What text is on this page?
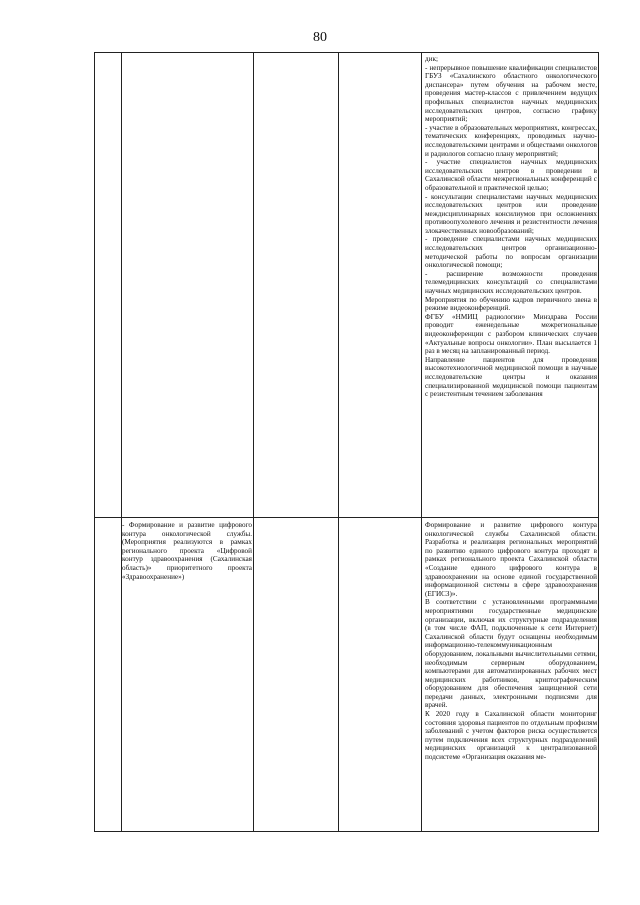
80

дик;

- непрерывное повышение квалификации специалистов ГБУЗ «Сахалинского областного онкологического диспансера» путем обучения на рабочем месте, проведения мастер-классов с привлечением ведущих профильных специалистов научных медицинских исследовательских центров, согласно графику мероприятий;

- участие в образовательных мероприятиях, конгрессах, тематических конференциях, проводимых научно-исследовательскими центрами и обществами онкологов и радиологов согласно плану мероприятий;

- участие специалистов научных медицинских исследовательских центров в проведении в Сахалинской области межрегиональных конференций с образовательной и практической целью;

- консультации специалистами научных медицинских исследовательских центров или проведение междисциплинарных консилиумов при осложнениях противоопухолевого лечения и резистентности лечения злокачественных новообразований;

- проведение специалистами научных медицинских исследовательских центров организационно-методической работы по вопросам организации онкологической помощи;

- расширение возможности проведения телемедицинских консультаций со специалистами научных медицинских исследовательских центров.

Мероприятия по обучению кадров первичного звена в режиме видеоконференций.

ФГБУ «НМИЦ радиологии» Минздрава России проводит еженедельные межрегиональные видеоконференции с разбором клинических случаев «Актуальные вопросы онкологии». План высылается 1 раз в месяц на запланированный период.

Направление пациентов для проведения высокотехнологичной медицинской помощи в научные исследовательские центры и оказания специализированной медицинской помощи пациентам с резистентным течением заболевания

- Формирование и развитие цифрового контура онкологической службы. (Мероприятия реализуются в рамках регионального проекта «Цифровой контур здравоохранения (Сахалинская область)» приоритетного проекта «Здравоохранение»)

Формирование и развитие цифрового контура онкологической службы Сахалинской области. Разработка и реализация региональных мероприятий по развитию единого цифрового контура проходят в рамках регионального проекта Сахалинской области «Создание единого цифрового контура в здравоохранении на основе единой государственной информационной системы в сфере здравоохранения (ЕГИСЗ)».

В соответствии с установленными программными мероприятиями государственные медицинские организации, включая их структурные подразделения (в том числе ФАП, подключенные к сети Интернет) Сахалинской области будут оснащены необходимым информационно-телекоммуникационным оборудованием, локальными вычислительными сетями, необходимым серверным оборудованием, компьютерами для автоматизированных рабочих мест медицинских работников, криптографическим оборудованием для обеспечения защищенной сети передачи данных, электронными подписями для врачей.

К 2020 году в Сахалинской области мониторинг состояния здоровья пациентов по отдельным профилям заболеваний с учетом факторов риска осуществляется путем подключения всех структурных подразделений медицинских организаций к централизованной подсистеме «Организация оказания ме-
